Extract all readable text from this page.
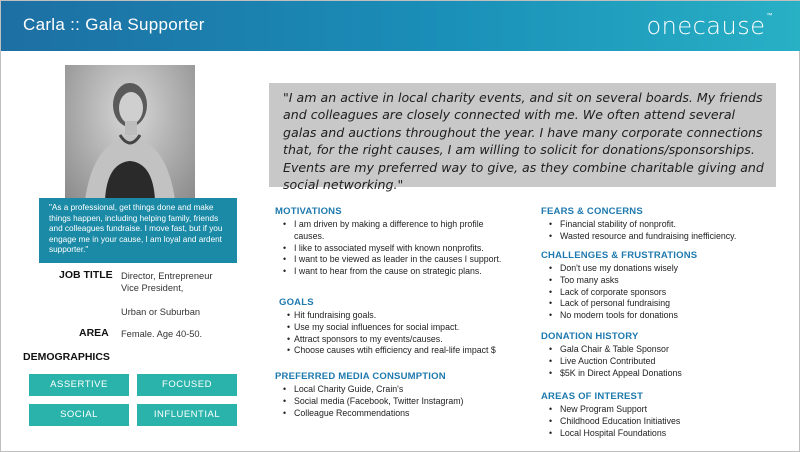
Carla :: Gala Supporter	onecause™
"As a professional, get things done and make things happen, including helping family, friends and colleagues fundraise. I move fast, but if you engage me in your cause, I am loyal and ardent supporter."
JOB TITLE Director, Entrepreneur
Vice President,
Urban or Suburban
AREA Female. Age 40-50.
DEMOGRAPHICS
ASSERTIVE	FOCUSED
SOCIAL	INFLUENTIAL
"I am an active in local charity events, and sit on several boards. My friends and colleagues are closely connected with me. We often attend several galas and auctions throughout the year. I have many corporate connections that, for the right causes, I am willing to solicit for donations/sponsorships. Events are my preferred way to give, as they combine charitable giving and social networking."
MOTIVATIONS
• I am driven by making a difference to high profile causes.
• I like to associated myself with known nonprofits.
• I want to be viewed as leader in the causes I support.
• I want to hear from the cause on strategic plans.
GOALS
• Hit fundraising goals.
• Use my social influences for social impact.
• Attract sponsors to my events/causes.
• Choose causes wtih efficiency and real-life impact $
PREFERRED MEDIA CONSUMPTION
• Local Charity Guide, Crain's
• Social media (Facebook, Twitter Instagram)
• Colleague Recommendations
FEARS & CONCERNS
• Financial stability of nonprofit.
• Wasted resource and fundraising inefficiency.
CHALLENGES & FRUSTRATIONS
• Don't use my donations wisely
• Too many asks
• Lack of corporate sponsors
• Lack of personal fundraising
• No modern tools for donations
DONATION HISTORY
• Gala Chair & Table Sponsor
• Live Auction Contributed
• $5K in Direct Appeal Donations
AREAS OF INTEREST
• New Program Support
• Childhood Education Initiatives
• Local Hospital Foundations
